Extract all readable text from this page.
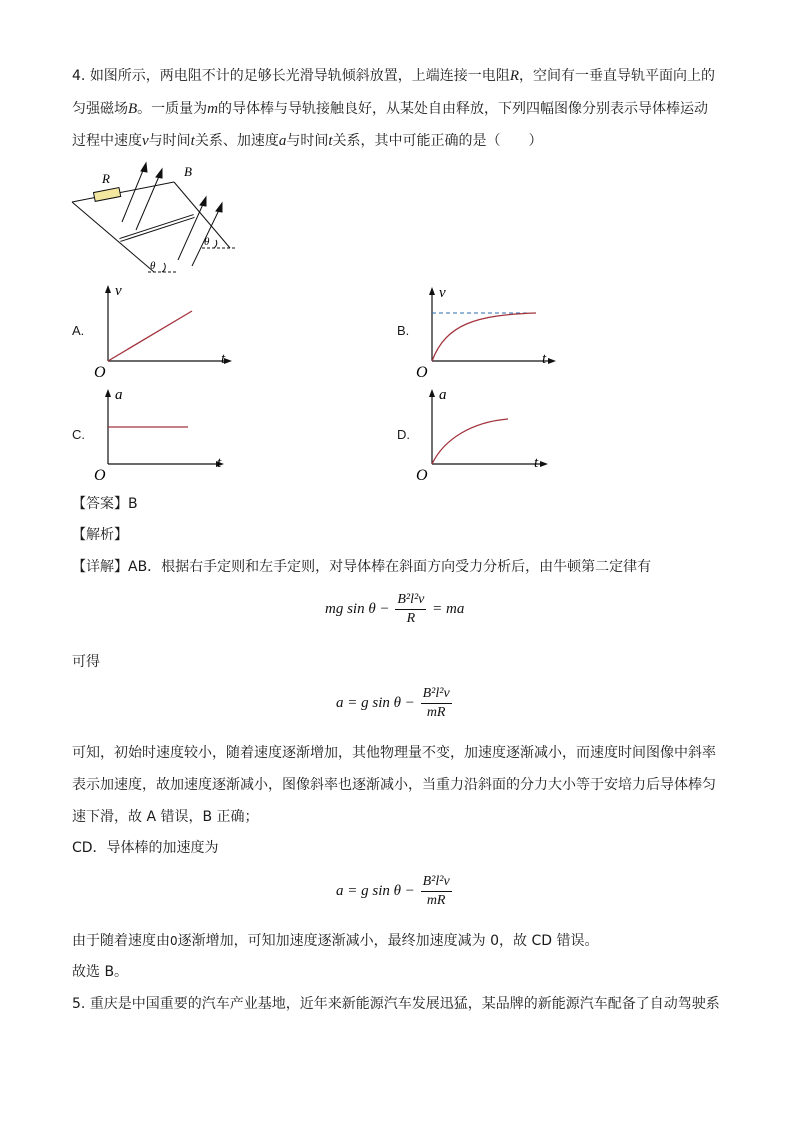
4. 如图所示，两电阻不计的足够长光滑导轨倾斜放置，上端连接一电阻R，空间有一垂直导轨平面向上的
匀强磁场B。一质量为m的导体棒与导轨接触良好，从某处自由释放，下列四幅图像分别表示导体棒运动
过程中速度v与时间t关系、加速度a与时间t关系，其中可能正确的是（　　）
R	B
θ
θ
A.
v
t
O
B.
v
t
O
C.
a
t
O
D.
a
t
O
【答案】B
【解析】
【详解】AB．根据右手定则和左手定则，对导体棒在斜面方向受力分析后，由牛顿第二定律有
mg $\sin \theta - \frac{\text{B²l²v}}{R}$ = ma
可得
a = g $\sin \theta - \frac{\text{B²l²v}}{mR}$
可知，初始时速度较小，随着速度逐渐增加，其他物理量不变，加速度逐渐减小，而速度时间图像中斜率
表示加速度，故加速度逐渐减小，图像斜率也逐渐减小，当重力沿斜面的分力大小等于安培力后导体棒匀
速下滑，故 A 错误，B 正确；
CD．导体棒的加速度为
a = g $\sin \theta - \frac{\text{B²l²v}}{mR}$
由于随着速度由0逐渐增加，可知加速度逐渐减小，最终加速度减为 0，故 CD 错误。
故选 B。
5. 重庆是中国重要的汽车产业基地，近年来新能源汽车发展迅猛，某品牌的新能源汽车配备了自动驾驶系
